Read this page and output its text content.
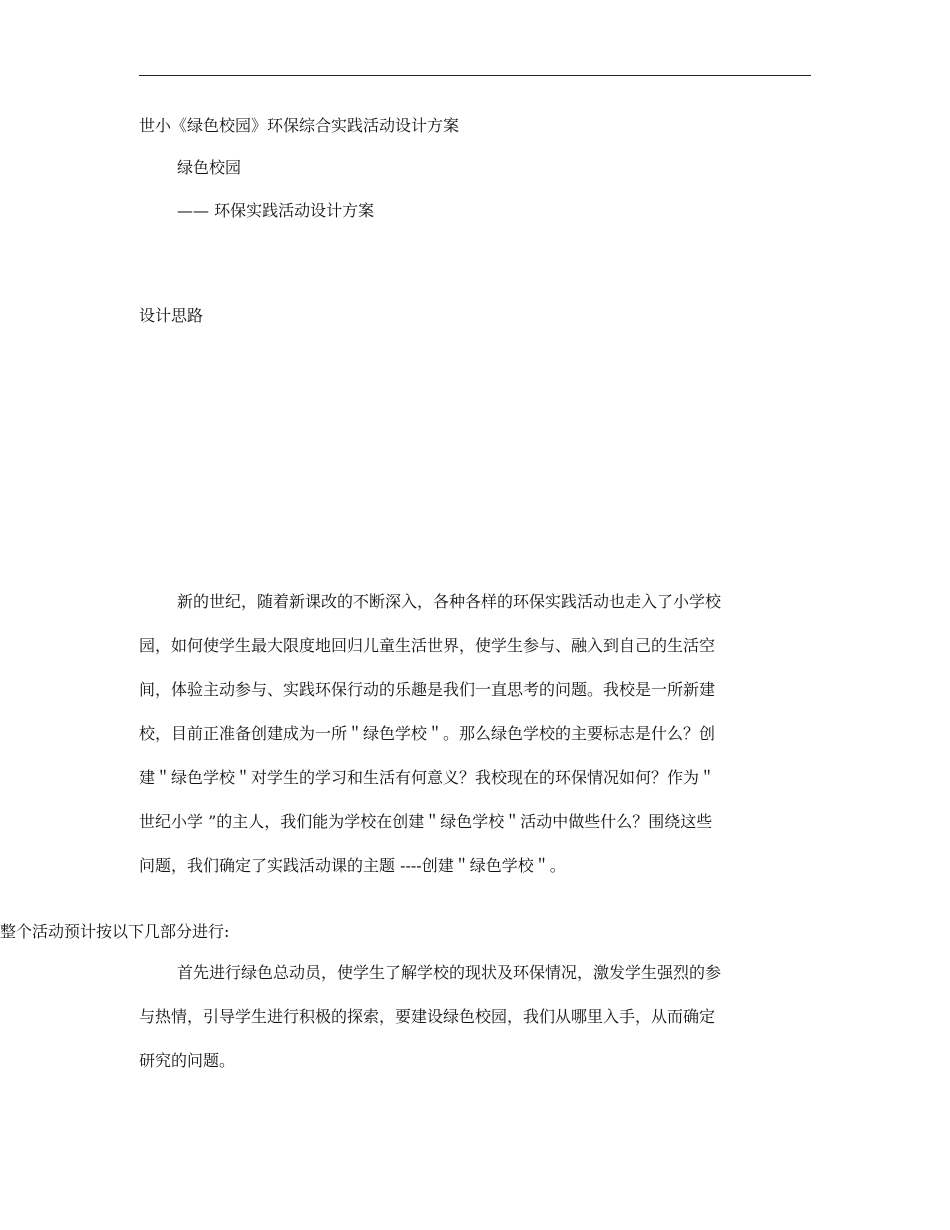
世小《绿色校园》环保综合实践活动设计方案
绿色校园
—— 环保实践活动设计方案
设计思路
新的世纪，随着新课改的不断深入，各种各样的环保实践活动也走入了小学校
园，如何使学生最大限度地回归儿童生活世界，使学生参与、融入到自己的生活空
间，体验主动参与、实践环保行动的乐趣是我们一直思考的问题。我校是一所新建
校，目前正准备创建成为一所＂绿色学校＂。那么绿色学校的主要标志是什么？创
建＂绿色学校＂对学生的学习和生活有何意义？我校现在的环保情况如何？作为＂
世纪小学 ”的主人，我们能为学校在创建＂绿色学校＂活动中做些什么？围绕这些
问题，我们确定了实践活动课的主题 ----创建＂绿色学校＂。
整个活动预计按以下几部分进行:
首先进行绿色总动员，使学生了解学校的现状及环保情况，激发学生强烈的参
与热情，引导学生进行积极的探索，要建设绿色校园，我们从哪里入手，从而确定
研究的问题。
